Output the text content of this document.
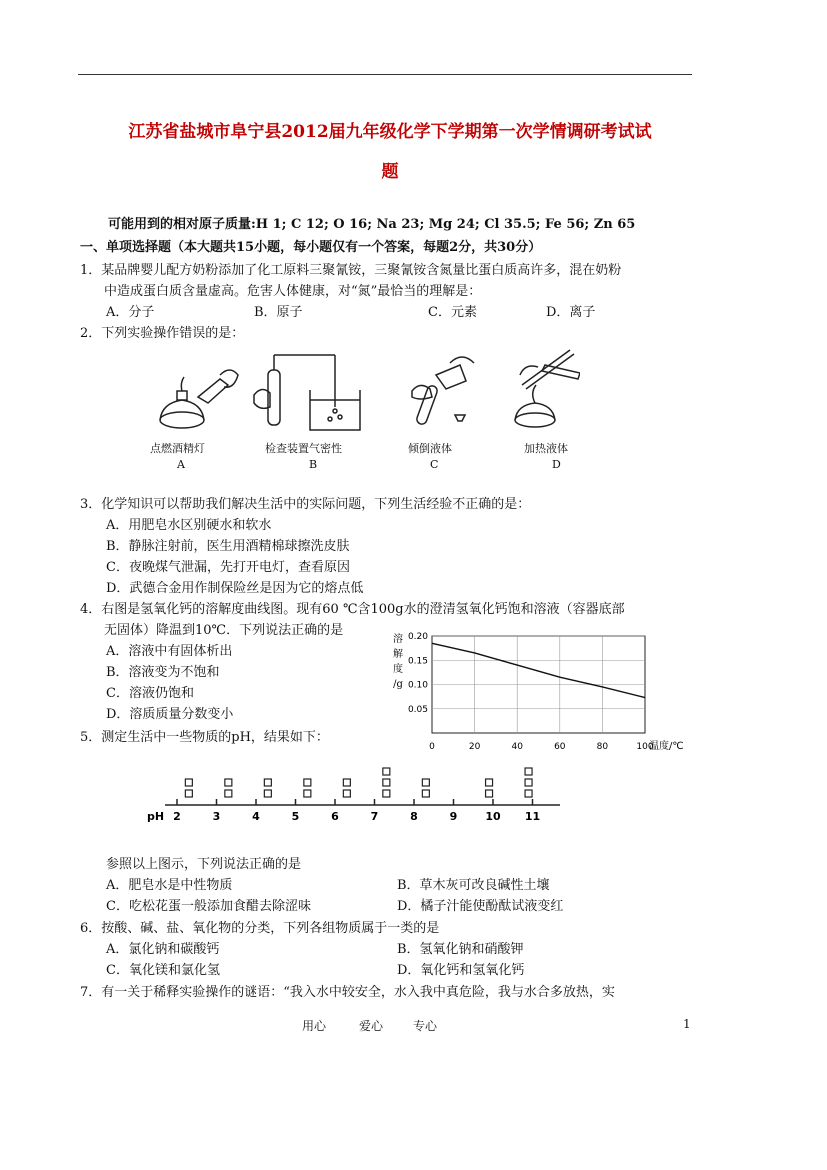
江苏省盐城市阜宁县2012届九年级化学下学期第一次学情调研考试试
题
可能用到的相对原子质量:H 1; C 12; O 16; Na 23; Mg 24; Cl 35.5; Fe 56; Zn 65
一、单项选择题（本大题共15小题，每小题仅有一个答案，每题2分，共30分）
1．某品牌婴儿配方奶粉添加了化工原料三聚氰铵，三聚氰铵含氮量比蛋白质高许多，混在奶粉
中造成蛋白质含量虚高。危害人体健康，对“氮”最恰当的理解是：
A．分子	B．原子	C．元素	D．离子
2．下列实验操作错误的是：
点燃酒精灯
A
检查装置气密性
B
倾倒液体
C
加热液体
D
3．化学知识可以帮助我们解决生活中的实际问题，下列生活经验不正确的是：
A．用肥皂水区别硬水和软水
B．静脉注射前，医生用酒精棉球擦洗皮肤
C．夜晚煤气泄漏，先打开电灯，查看原因
D．武德合金用作制保险丝是因为它的熔点低
4．右图是氢氧化钙的溶解度曲线图。现有60 ℃含100g水的澄清氢氧化钙饱和溶液（容器底部
无固体）降温到10℃．下列说法正确的是
A．溶液中有固体析出
B．溶液变为不饱和
C．溶液仍饱和
D．溶质质量分数变小
溶
解
度
/g
0.20
0.15
0.10
0.05
0	20	40	60	80	100
温度/℃
5．测定生活中一些物质的pH，结果如下：
pH 2	3	4	5	6	7	8	9	10 11
参照以上图示，下列说法正确的是
A．肥皂水是中性物质	B．草木灰可改良碱性土壤
C．吃松花蛋一般添加食醋去除涩味	D．橘子汁能使酚酞试液变红
6．按酸、碱、盐、氧化物的分类，下列各组物质属于一类的是
A．氯化钠和碳酸钙	B．氢氧化钠和硝酸钾
C．氧化镁和氯化氢	D．氧化钙和氢氧化钙
7．有一关于稀释实验操作的谜语：“我入水中较安全，水入我中真危险，我与水合多放热，实
用心	爱心 专心	1
